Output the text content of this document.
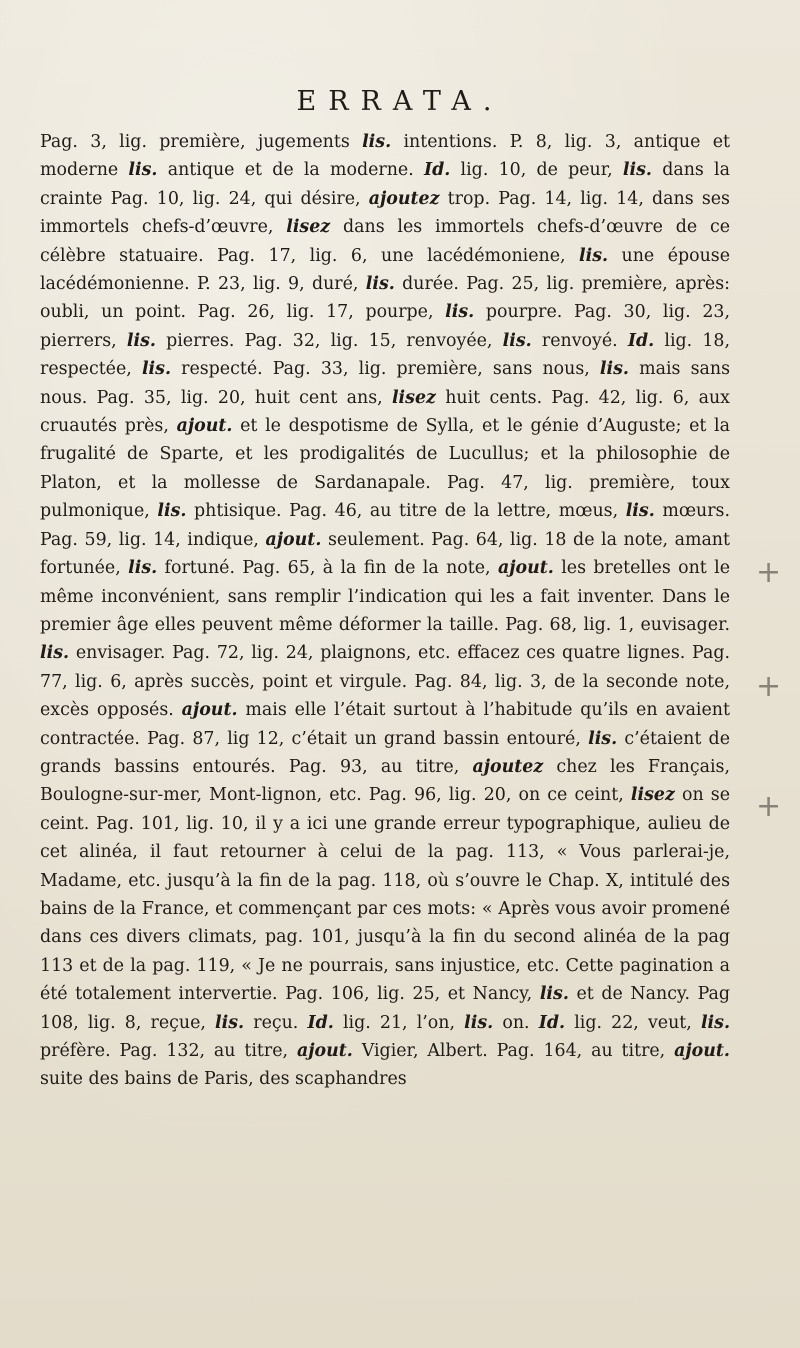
ERRATA.
Pag. 3, lig. première, jugements lis. intentions. P. 8, lig. 3, antique et moderne lis. antique et de la moderne. Id. lig. 10, de peur, lis. dans la crainte Pag. 10, lig. 24, qui désire, ajoutez trop. Pag. 14, lig. 14, dans ses immortels chefs-d’œuvre, lisez dans les immortels chefs-d’œuvre de ce célèbre statuaire. Pag. 17, lig. 6, une lacédémoniene, lis. une épouse lacédémonienne. P. 23, lig. 9, duré, lis. durée. Pag. 25, lig. première, après: oubli, un point. Pag. 26, lig. 17, pourpe, lis. pourpre. Pag. 30, lig. 23, pierrers, lis. pierres. Pag. 32, lig. 15, renvoyée, lis. renvoyé. Id. lig. 18, respectée, lis. respecté. Pag. 33, lig. première, sans nous, lis. mais sans nous. Pag. 35, lig. 20, huit cent ans, lisez huit cents. Pag. 42, lig. 6, aux cruautés près, ajout. et le despotisme de Sylla, et le génie d’Auguste; et la frugalité de Sparte, et les prodigalités de Lucullus; et la philosophie de Platon, et la mollesse de Sardanapale. Pag. 47, lig. première, toux pulmonique, lis. phtisique. Pag. 46, au titre de la lettre, mœus, lis. mœurs. Pag. 59, lig. 14, indique, ajout. seulement. Pag. 64, lig. 18 de la note, amant fortunée, lis. fortuné. Pag. 65, à la fin de la note, ajout. les bretelles ont le même inconvénient, sans remplir l’indication qui les a fait inventer. Dans le premier âge elles peuvent même déformer la taille. Pag. 68, lig. 1, euvisager. lis. envisager. Pag. 72, lig. 24, plaignons, etc. effacez ces quatre lignes. Pag. 77, lig. 6, après succès, point et virgule. Pag. 84, lig. 3, de la seconde note, excès opposés. ajout. mais elle l’était surtout à l’habitude qu’ils en avaient contractée. Pag. 87, lig 12, c’était un grand bassin entouré, lis. c’étaient de grands bassins entourés. Pag. 93, au titre, ajoutez chez les Français, Boulogne-sur-mer, Mont-lignon, etc. Pag. 96, lig. 20, on ce ceint, lisez on se ceint. Pag. 101, lig. 10, il y a ici une grande erreur typographique, aulieu de cet alinéa, il faut retourner à celui de la pag. 113, « Vous parlerai-je, Madame, etc. jusqu’à la fin de la pag. 118, où s’ouvre le Chap. X, intitulé des bains de la France, et commençant par ces mots: « Après vous avoir promené dans ces divers climats, pag. 101, jusqu’à la fin du second alinéa de la pag 113 et de la pag. 119, « Je ne pourrais, sans injustice, etc. Cette pagination a été totalement intervertie. Pag. 106, lig. 25, et Nancy, lis. et de Nancy. Pag 108, lig. 8, reçue, lis. reçu. Id. lig. 21, l’on, lis. on. Id. lig. 22, veut, lis. préfère. Pag. 132, au titre, ajout. Vigier, Albert. Pag. 164, au titre, ajout. suite des bains de Paris, des scaphandres
+
+
+
